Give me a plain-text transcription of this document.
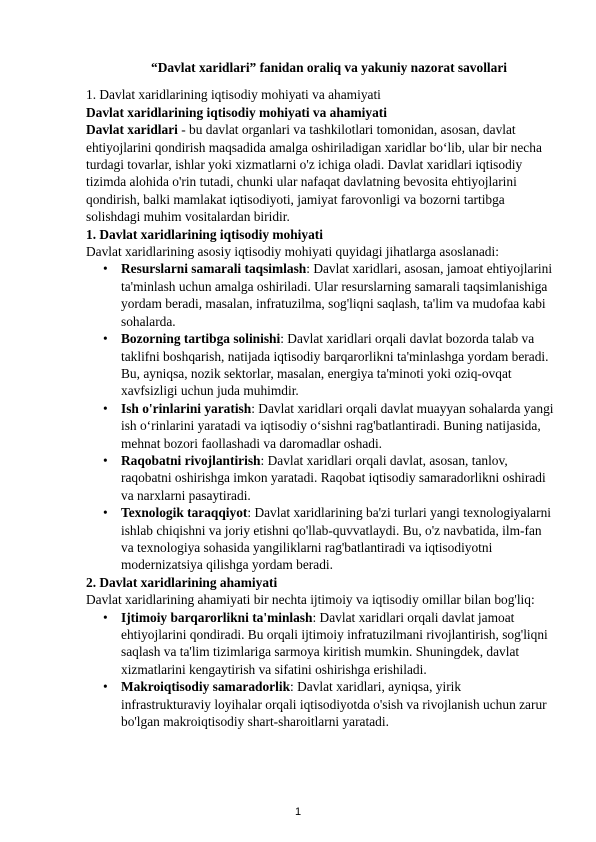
“Davlat xaridlari” fanidan oraliq va yakuniy nazorat savollari

1. Davlat xaridlarining iqtisodiy mohiyati va ahamiyati

Davlat xaridlarining iqtisodiy mohiyati va ahamiyati

Davlat xaridlari - bu davlat organlari va tashkilotlari tomonidan, asosan, davlat ehtiyojlarini qondirish maqsadida amalga oshiriladigan xaridlar bo‘lib, ular bir necha turdagi tovarlar, ishlar yoki xizmatlarni o'z ichiga oladi. Davlat xaridlari iqtisodiy tizimda alohida o'rin tutadi, chunki ular nafaqat davlatning bevosita ehtiyojlarini qondirish, balki mamlakat iqtisodiyoti, jamiyat farovonligi va bozorni tartibga solishdagi muhim vositalardan biridir.

1. Davlat xaridlarining iqtisodiy mohiyati

Davlat xaridlarining asosiy iqtisodiy mohiyati quyidagi jihatlarga asoslanadi:

• Resurslarni samarali taqsimlash: Davlat xaridlari, asosan, jamoat ehtiyojlarini ta'minlash uchun amalga oshiriladi. Ular resurslarning samarali taqsimlanishiga yordam beradi, masalan, infratuzilma, sog'liqni saqlash, ta'lim va mudofaa kabi sohalarda.
• Bozorning tartibga solinishi: Davlat xaridlari orqali davlat bozorda talab va taklifni boshqarish, natijada iqtisodiy barqarorlikni ta'minlashga yordam beradi. Bu, ayniqsa, nozik sektorlar, masalan, energiya ta'minoti yoki oziq-ovqat xavfsizligi uchun juda muhimdir.
• Ish o'rinlarini yaratish: Davlat xaridlari orqali davlat muayyan sohalarda yangi ish o‘rinlarini yaratadi va iqtisodiy o‘sishni rag'batlantiradi. Buning natijasida, mehnat bozori faollashadi va daromadlar oshadi.
• Raqobatni rivojlantirish: Davlat xaridlari orqali davlat, asosan, tanlov, raqobatni oshirishga imkon yaratadi. Raqobat iqtisodiy samaradorlikni oshiradi va narxlarni pasaytiradi.
• Texnologik taraqqiyot: Davlat xaridlarining ba'zi turlari yangi texnologiyalarni ishlab chiqishni va joriy etishni qo'llab-quvvatlaydi. Bu, o'z navbatida, ilm-fan va texnologiya sohasida yangiliklarni rag'batlantiradi va iqtisodiyotni modernizatsiya qilishga yordam beradi.

2. Davlat xaridlarining ahamiyati

Davlat xaridlarining ahamiyati bir nechta ijtimoiy va iqtisodiy omillar bilan bog'liq:

• Ijtimoiy barqarorlikni ta'minlash: Davlat xaridlari orqali davlat jamoat ehtiyojlarini qondiradi. Bu orqali ijtimoiy infratuzilmani rivojlantirish, sog'liqni saqlash va ta'lim tizimlariga sarmoya kiritish mumkin. Shuningdek, davlat xizmatlarini kengaytirish va sifatini oshirishga erishiladi.
• Makroiqtisodiy samaradorlik: Davlat xaridlari, ayniqsa, yirik infrastrukturaviy loyihalar orqali iqtisodiyotda o'sish va rivojlanish uchun zarur bo'lgan makroiqtisodiy shart-sharoitlarni yaratadi.
1
